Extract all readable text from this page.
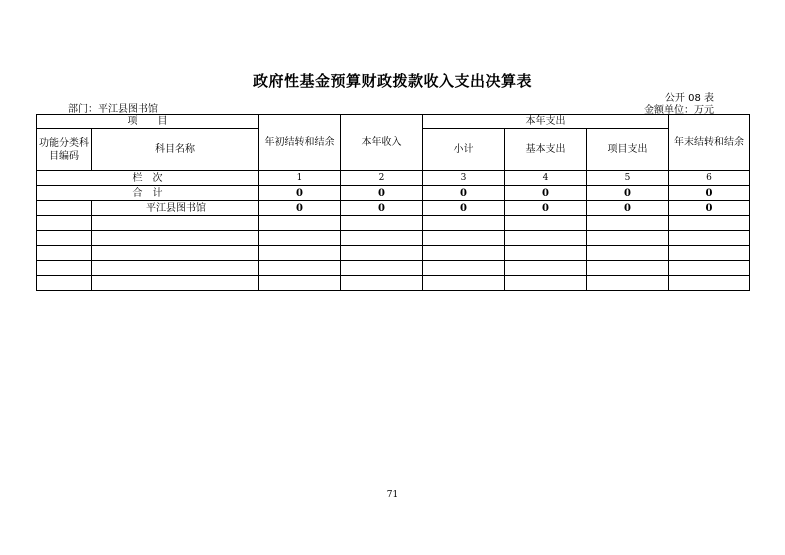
政府性基金预算财政拨款收入支出决算表
公开 08 表
部门：平江县图书馆	金额单位：万元
项　　目		年初结转和结余	本年收入	本年支出			年末结转和结余
功能分类科目编码	科目名称			小计	基本支出	项目支出	
栏　次		1	2	3	4	5	6
合　计		0	0	0	0	0	0
	平江县图书馆	0	0	0	0	0	0

71
